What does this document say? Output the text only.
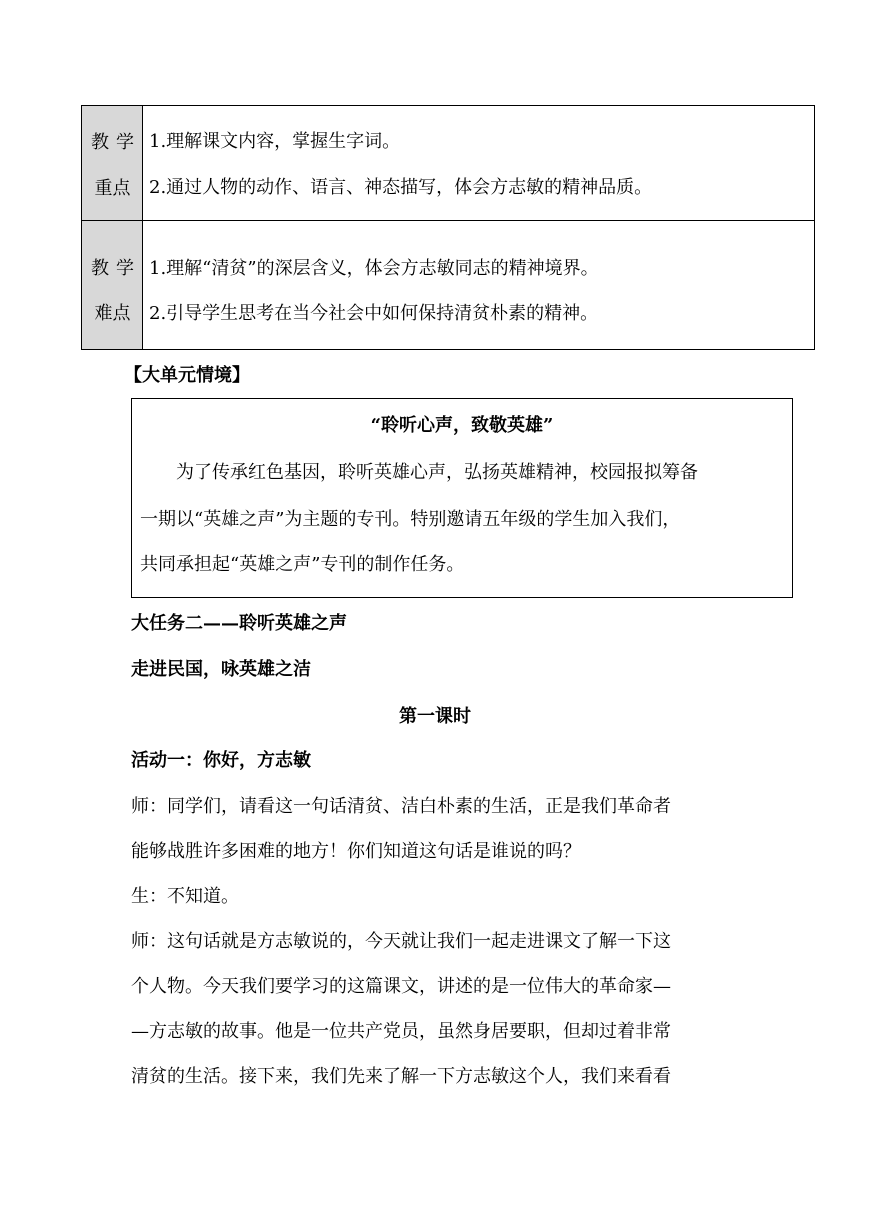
教学
重点
1.理解课文内容，掌握生字词。
2.通过人物的动作、语言、神态描写，体会方志敏的精神品质。
教学
难点
1.理解“清贫”的深层含义，体会方志敏同志的精神境界。
2.引导学生思考在当今社会中如何保持清贫朴素的精神。
【大单元情境】
“聆听心声，致敬英雄”
为了传承红色基因，聆听英雄心声，弘扬英雄精神，校园报拟筹备
一期以“英雄之声”为主题的专刊。特别邀请五年级的学生加入我们，
共同承担起“英雄之声”专刊的制作任务。
大任务二——聆听英雄之声
走进民国，咏英雄之洁
第一课时
活动一：你好，方志敏
师：同学们，请看这一句话清贫、洁白朴素的生活，正是我们革命者
能够战胜许多困难的地方！你们知道这句话是谁说的吗？
生：不知道。
师：这句话就是方志敏说的，今天就让我们一起走进课文了解一下这
个人物。今天我们要学习的这篇课文，讲述的是一位伟大的革命家—
—方志敏的故事。他是一位共产党员，虽然身居要职，但却过着非常
清贫的生活。接下来，我们先来了解一下方志敏这个人，我们来看看
